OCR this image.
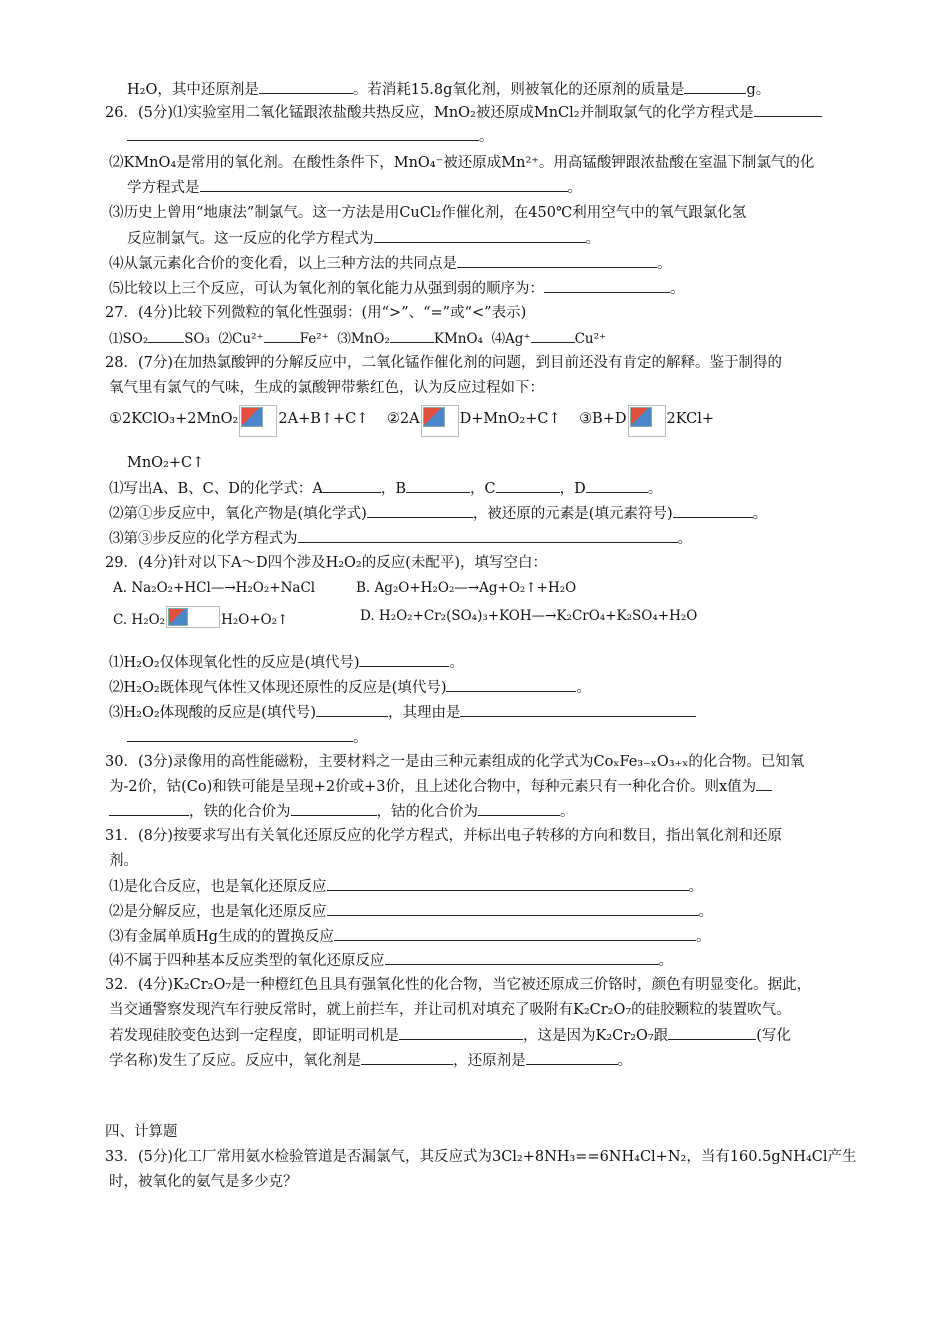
H₂O，其中还原剂是	。若消耗15.8g氧化剂，则被氧化的还原剂的质量是	g。
26．(5分)⑴实验室用二氧化锰跟浓盐酸共热反应，MnO₂被还原成MnCl₂并制取氯气的化学方程式是
。
⑵KMnO₄是常用的氧化剂。在酸性条件下，MnO₄⁻被还原成Mn²⁺。用高锰酸钾跟浓盐酸在室温下制氯气的化
学方程式是	。
⑶历史上曾用“地康法”制氯气。这一方法是用CuCl₂作催化剂，在450℃利用空气中的氧气跟氯化氢
反应制氯气。这一反应的化学方程式为	。
⑷从氯元素化合价的变化看，以上三种方法的共同点是	。
⑸比较以上三个反应，可认为氧化剂的氧化能力从强到弱的顺序为：	。
27．(4分)比较下列微粒的氧化性强弱：(用“>”、“=”或“<”表示)
⑴SO₂	SO₃ ⑵Cu²⁺	Fe²⁺ ⑶MnO₂	KMnO₄ ⑷Ag⁺	Cu²⁺
28．(7分)在加热氯酸钾的分解反应中，二氧化锰作催化剂的问题，到目前还没有肯定的解释。鉴于制得的
氧气里有氯气的气味，生成的氯酸钾带紫红色，认为反应过程如下：
①2KClO₃+2MnO₂	2A+B↑+C↑ ②2A	D+MnO₂+C↑ ③B+D	2KCl+
MnO₂+C↑
⑴写出A、B、C、D的化学式：A	，B	，C	，D	。
⑵第①步反应中，氧化产物是(填化学式)	，被还原的元素是(填元素符号)	。
⑶第③步反应的化学方程式为	。
29．(4分)针对以下A～D四个涉及H₂O₂的反应(未配平)，填写空白：
A. Na₂O₂+HCl—→H₂O₂+NaCl	B. Ag₂O+H₂O₂—→Ag+O₂↑+H₂O
C. H₂O₂	H₂O+O₂↑	D. H₂O₂+Cr₂(SO₄)₃+KOH—→K₂CrO₄+K₂SO₄+H₂O
⑴H₂O₂仅体现氧化性的反应是(填代号)	。
⑵H₂O₂既体现气体性又体现还原性的反应是(填代号)	。
⑶H₂O₂体现酸的反应是(填代号)	，其理由是
。
30．(3分)录像用的高性能磁粉，主要材料之一是由三种元素组成的化学式为CoₓFe₃₋ₓO₃₊ₓ的化合物。已知氧
为-2价，钴(Co)和铁可能是呈现+2价或+3价，且上述化合物中，每种元素只有一种化合价。则x值为
，铁的化合价为	，钴的化合价为	。
31．(8分)按要求写出有关氧化还原反应的化学方程式，并标出电子转移的方向和数目，指出氧化剂和还原
剂。
⑴是化合反应，也是氧化还原反应	。
⑵是分解反应，也是氧化还原反应	。
⑶有金属单质Hg生成的的置换反应	。
⑷不属于四种基本反应类型的氧化还原反应	。
32．(4分)K₂Cr₂O₇是一种橙红色且具有强氧化性的化合物，当它被还原成三价铬时，颜色有明显变化。据此，
当交通警察发现汽车行驶反常时，就上前拦车，并让司机对填充了吸附有K₂Cr₂O₇的硅胶颗粒的装置吹气。
若发现硅胶变色达到一定程度，即证明司机是	，这是因为K₂Cr₂O₇跟	(写化
学名称)发生了反应。反应中，氧化剂是	，还原剂是	。
四、计算题
33．(5分)化工厂常用氨水检验管道是否漏氯气，其反应式为3Cl₂+8NH₃==6NH₄Cl+N₂，当有160.5gNH₄Cl产生
时，被氧化的氨气是多少克？
